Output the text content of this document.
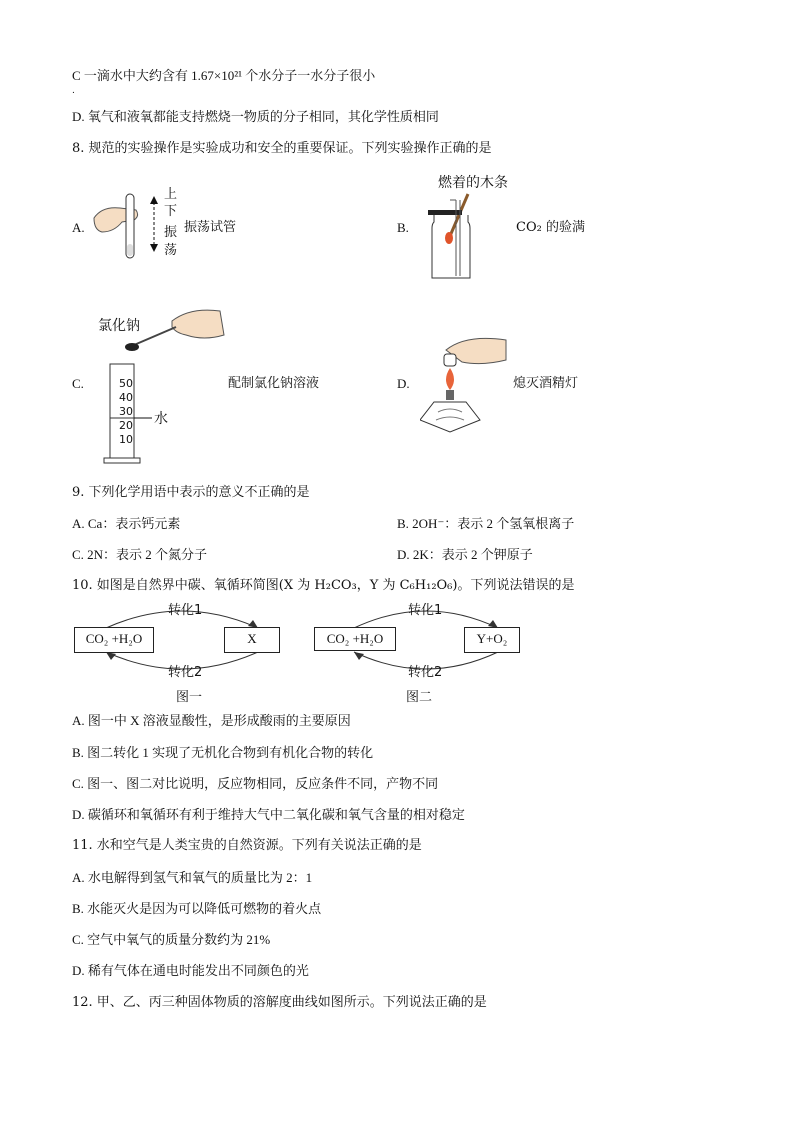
C 一滴水中大约含有 1.67×10²¹ 个水分子一水分子很小
.
D. 氧气和液氧都能支持燃烧一物质的分子相同，其化学性质相同
8. 规范的实验操作是实验成功和安全的重要保证。下列实验操作正确的是
A.
上
下
振
荡
振荡试管	B.
燃着的木条
CO₂ 的验满
C.
氯化钠
50
40
30
20
10
水
配制氯化钠溶液	D.	熄灭酒精灯
9. 下列化学用语中表示的意义不正确的是
A. Ca：表示钙元素	B. 2OH⁻：表示 2 个氢氧根离子
C. 2N：表示 2 个氮分子	D. 2K：表示 2 个钾原子
10. 如图是自然界中碳、氧循环简图(X 为 H₂CO₃，Y 为 C₆H₁₂O₆)。下列说法错误的是
转化1
CO₂ +H₂O	X
转化2
图一
转化1
CO₂ +H₂O	Y+O₂
转化2
图二
A. 图一中 X 溶液显酸性，是形成酸雨的主要原因
B. 图二转化 1 实现了无机化合物到有机化合物的转化
C. 图一、图二对比说明，反应物相同，反应条件不同，产物不同
D. 碳循环和氧循环有利于维持大气中二氧化碳和氧气含量的相对稳定
11. 水和空气是人类宝贵的自然资源。下列有关说法正确的是
A. 水电解得到氢气和氧气的质量比为 2：1
B. 水能灭火是因为可以降低可燃物的着火点
C. 空气中氧气的质量分数约为 21%
D. 稀有气体在通电时能发出不同颜色的光
12. 甲、乙、丙三种固体物质的溶解度曲线如图所示。下列说法正确的是
